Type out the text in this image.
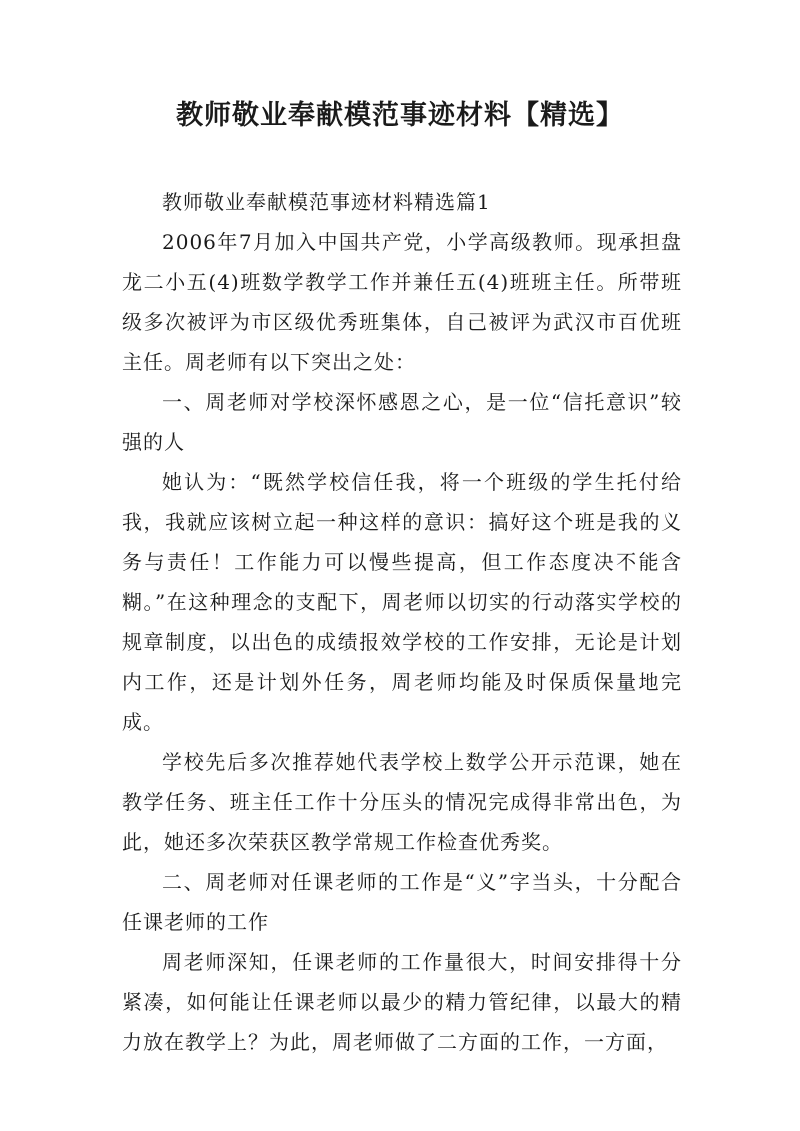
教师敬业奉献模范事迹材料【精选】

教师敬业奉献模范事迹材料精选篇1

2006年7月加入中国共产党，小学高级教师。现承担盘龙二小五(4)班数学教学工作并兼任五(4)班班主任。所带班级多次被评为市区级优秀班集体，自己被评为武汉市百优班主任。周老师有以下突出之处：

一、周老师对学校深怀感恩之心，是一位“信托意识”较强的人

她认为：“既然学校信任我，将一个班级的学生托付给我，我就应该树立起一种这样的意识：搞好这个班是我的义务与责任！工作能力可以慢些提高，但工作态度决不能含糊。”在这种理念的支配下，周老师以切实的行动落实学校的规章制度，以出色的成绩报效学校的工作安排，无论是计划内工作，还是计划外任务，周老师均能及时保质保量地完成。

学校先后多次推荐她代表学校上数学公开示范课，她在教学任务、班主任工作十分压头的情况完成得非常出色，为此，她还多次荣获区教学常规工作检查优秀奖。

二、周老师对任课老师的工作是“义”字当头，十分配合任课老师的工作

周老师深知，任课老师的工作量很大，时间安排得十分紧凑，如何能让任课老师以最少的精力管纪律，以最大的精力放在教学上？为此，周老师做了二方面的工作，一方面，
